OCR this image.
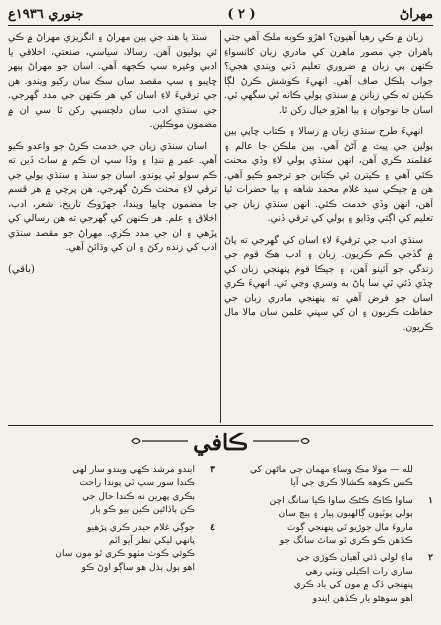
جنوري ١٩٣٦ع	( ٢ )	مهراڻ

زبان ۾ ڪي رهيا آهيون؟ اهڙو ڪوبه ملڪ آهي جتي ٻاهران جي مصور ماهرن کي مادري زبان کانسواءِ ڪنهن ٻي زبان ۾ ضروري تعليم ڏني ويندي هجي؟ جواب بلڪل صاف آهي. انهيءَ ڪوشش ڪرڻ لڳا ڪيئن ته ڪي زبانن ۾ سنڌي ٻولي ڪانه ٿي سگهي ٿي. اسان جا نوجوان ۽ ٻيا اهڙو خيال رکن ٿا.

انهيءَ طرح سنڌي زبان ۾ رسالا ۽ ڪتاب ڇاپي ٻين ٻولين جي ڀيٽ ۾ آڻڻ آهي. ٻين ملڪن جا عالم ۽ عقلمند ڪري آهن، انهن سنڌي ٻولي لاءِ وڏي محنت ڪئي آهي ۽ ڪيترن ئي ڪتابن جو ترجمو ڪيو آهي. هن ۾ جيڪي سيد غلام محمد شاهه ۽ ٻيا حضرات ٿيا آهن، انهن وڏي خدمت ڪئي. انهن سنڌي زبان جي تعليم کي اڳتي وڌايو ۽ ٻولي کي ترقي ڏني.

سنڌي ادب جي ترقيءَ لاءِ اسان کي گهرجي ته پاڻ ۾ گڏجي ڪم ڪريون. زبان ۽ ادب هڪ قوم جي زندگي جو آئينو آهن، ۽ جيڪا قوم پنهنجي زبان کي ڇڏي ڏئي ٿي سا پاڻ به وسري وڃي ٿي. انهيءَ ڪري اسان جو فرض آهي ته پنهنجي مادري زبان جي حفاظت ڪريون ۽ ان کي سڀني علمن سان مالا مال ڪريون.

سنڌ يا هند جي ٻين مهراڻ ۽ انگريزي مهراڻ ۾ ڪي ئي ٻوليون آهن. رسالا، سياسي، صنعتي، اخلاقي يا ادبي وغيره سڀ ڪجهه آهي. اسان جو مهراڻ ٻيهر ڇاپبو ۽ سڀ مقصد سان سڪ سان رکيو ويندو. هن جي ترقيءَ لاءِ اسان کي هر ڪنهن جي مدد گهرجي. جي سنڌي ادب سان دلچسپي رکن ٿا سي ان ۾ مضمون موڪلين.

اسان سنڌي زبان جي خدمت ڪرڻ جو واعدو ڪيو آهي. عمر ۾ ننڍا ۽ وڏا سڀ ان ڪم ۾ ساٿ ڏين ته ڪم سولو ٿي پوندو. اسان جو سنڌ ۽ سنڌي ٻولي جي ترقي لاءِ محنت ڪرڻ گهرجي. هن پرچي ۾ هر قسم جا مضمون ڇاپيا ويندا، جهڙوڪ تاريخ، شعر، ادب، اخلاق ۽ علم. هر ڪنهن کي گهرجي ته هن رسالي کي پڙهي ۽ ان جي مدد ڪري. مهراڻ جو مقصد سنڌي ادب کي زنده رکڻ ۽ ان کي وڌائڻ آهي.

(باقي)
ڪافي
لله — مولا مڪ وساءِ مهمان جي ماڻهن کي
ڪس ڪوهه ڪشالا ڪري جي آيا
١
ساوا ڪاڪ ڪڻڪ ساوا ڪيا سانگ اچن
ٻولي ٻوٽيون ڳالهيون پيار ۽ پيچ سان
ماروءَ مال جوڙيو ٿي پنهنجي ڳوٺ
ڪڏهن ڪو ڪري ٿو ساٿ سانگ جو
٢
ماءِ لولي ڏئي آهيان ڪوڙي جي
ساري رات اڪيلي ويٺي رهي
پنهنجي ڏک ۾ مون کي ياد ڪري
اهو سوهڻو يار ڪڏهن ايندو
٣
ايندو مرشد ڪهي ويندو سار لهي
ڪندا سور سڀ ٿي پوندا راحت
ٻڪري پهرين نه ڪندا حال جي
ڪن ٻاڏاڻين ڪين ٻيو ڪو ٻار
٤
جوڳي غلام حيدر ڪري پڙهيو
پانهي ليکي نظر آيو اٿم
ڪوئي ڪوٺ مٺهو ڪري ٿو مون سان
اهو ٻول ٻڌل هو ساڳو اوڻ ڪو
